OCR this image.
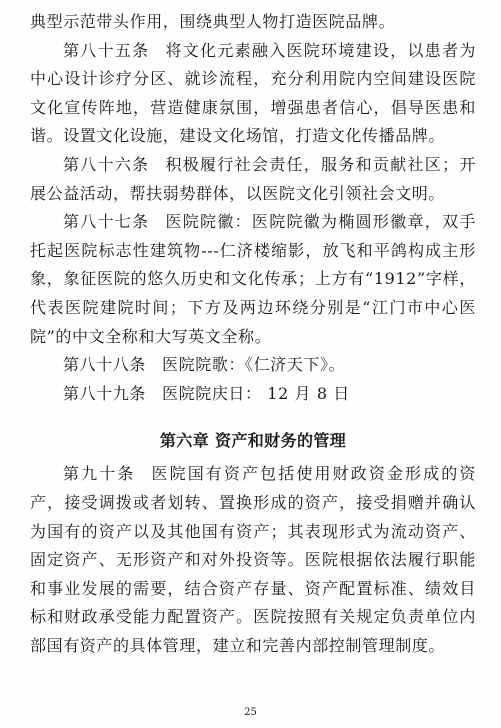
典型示范带头作用，围绕典型人物打造医院品牌。

第八十五条 将文化元素融入医院环境建设，以患者为中心设计诊疗分区、就诊流程，充分利用院内空间建设医院文化宣传阵地，营造健康氛围，增强患者信心，倡导医患和谐。设置文化设施，建设文化场馆，打造文化传播品牌。

第八十六条 积极履行社会责任，服务和贡献社区；开展公益活动，帮扶弱势群体，以医院文化引领社会文明。

第八十七条 医院院徽：医院院徽为椭圆形徽章，双手托起医院标志性建筑物---仁济楼缩影，放飞和平鸽构成主形象，象征医院的悠久历史和文化传承；上方有“1912”字样，代表医院建院时间；下方及两边环绕分别是“江门市中心医院”的中文全称和大写英文全称。

第八十八条 医院院歌：《仁济天下》。

第八十九条 医院院庆日： 12 月 8 日

第六章 资产和财务的管理

第九十条 医院国有资产包括使用财政资金形成的资产，接受调拨或者划转、置换形成的资产，接受捐赠并确认为国有的资产以及其他国有资产；其表现形式为流动资产、固定资产、无形资产和对外投资等。医院根据依法履行职能和事业发展的需要，结合资产存量、资产配置标准、绩效目标和财政承受能力配置资产。医院按照有关规定负责单位内部国有资产的具体管理，建立和完善内部控制管理制度。

25
